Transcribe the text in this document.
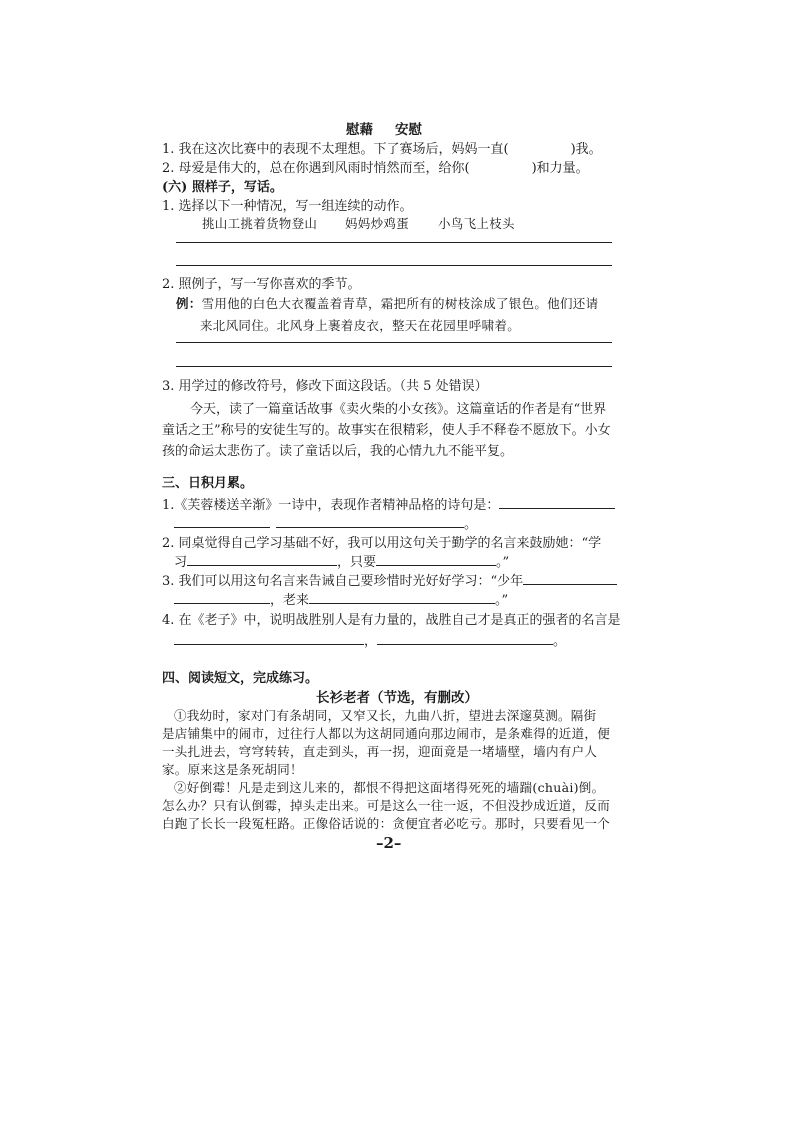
慰藉 安慰
1. 我在这次比赛中的表现不太理想。下了赛场后，妈妈一直(	)我。
2. 母爱是伟大的，总在你遇到风雨时悄然而至，给你(	)和力量。
(六) 照样子，写话。
1. 选择以下一种情况，写一组连续的动作。
挑山工挑着货物登山 妈妈炒鸡蛋 小鸟飞上枝头
2. 照例子，写一写你喜欢的季节。
例：雪用他的白色大衣覆盖着青草，霜把所有的树枝涂成了银色。他们还请
来北风同住。北风身上裹着皮衣，整天在花园里呼啸着。
3. 用学过的修改符号，修改下面这段话。（共 5 处错误）
今天，读了一篇童话故事《卖火柴的小女孩》。这篇童话的作者是有“世界
童话之王”称号的安徒生写的。故事实在很精彩，使人手不释卷不愿放下。小女
孩的命运太悲伤了。读了童话以后，我的心情九九不能平复。
三、日积月累。
1.《芙蓉楼送辛渐》一诗中，表现作者精神品格的诗句是：
。
2. 同桌觉得自己学习基础不好，我可以用这句关于勤学的名言来鼓励她：“学
习	，只要	。”
3. 我们可以用这句名言来告诫自己要珍惜时光好好学习：“少年
，老来	。”
4. 在《老子》中，说明战胜别人是有力量的，战胜自己才是真正的强者的名言是
，	。
四、阅读短文，完成练习。
长衫老者（节选，有删改）
①我幼时，家对门有条胡同，又窄又长，九曲八折，望进去深邃莫测。隔街
是店铺集中的闹市，过往行人都以为这胡同通向那边闹市，是条难得的近道，便
一头扎进去，穹穹转转，直走到头，再一拐，迎面竟是一堵墙壁，墙内有户人
家。原来这是条死胡同！
②好倒霉！凡是走到这儿来的，都恨不得把这面堵得死死的墙踹(chuài)倒。
怎么办？只有认倒霉，掉头走出来。可是这么一往一返，不但没抄成近道，反而
白跑了长长一段冤枉路。正像俗话说的：贪便宜者必吃亏。那时，只要看见一个
–2–
